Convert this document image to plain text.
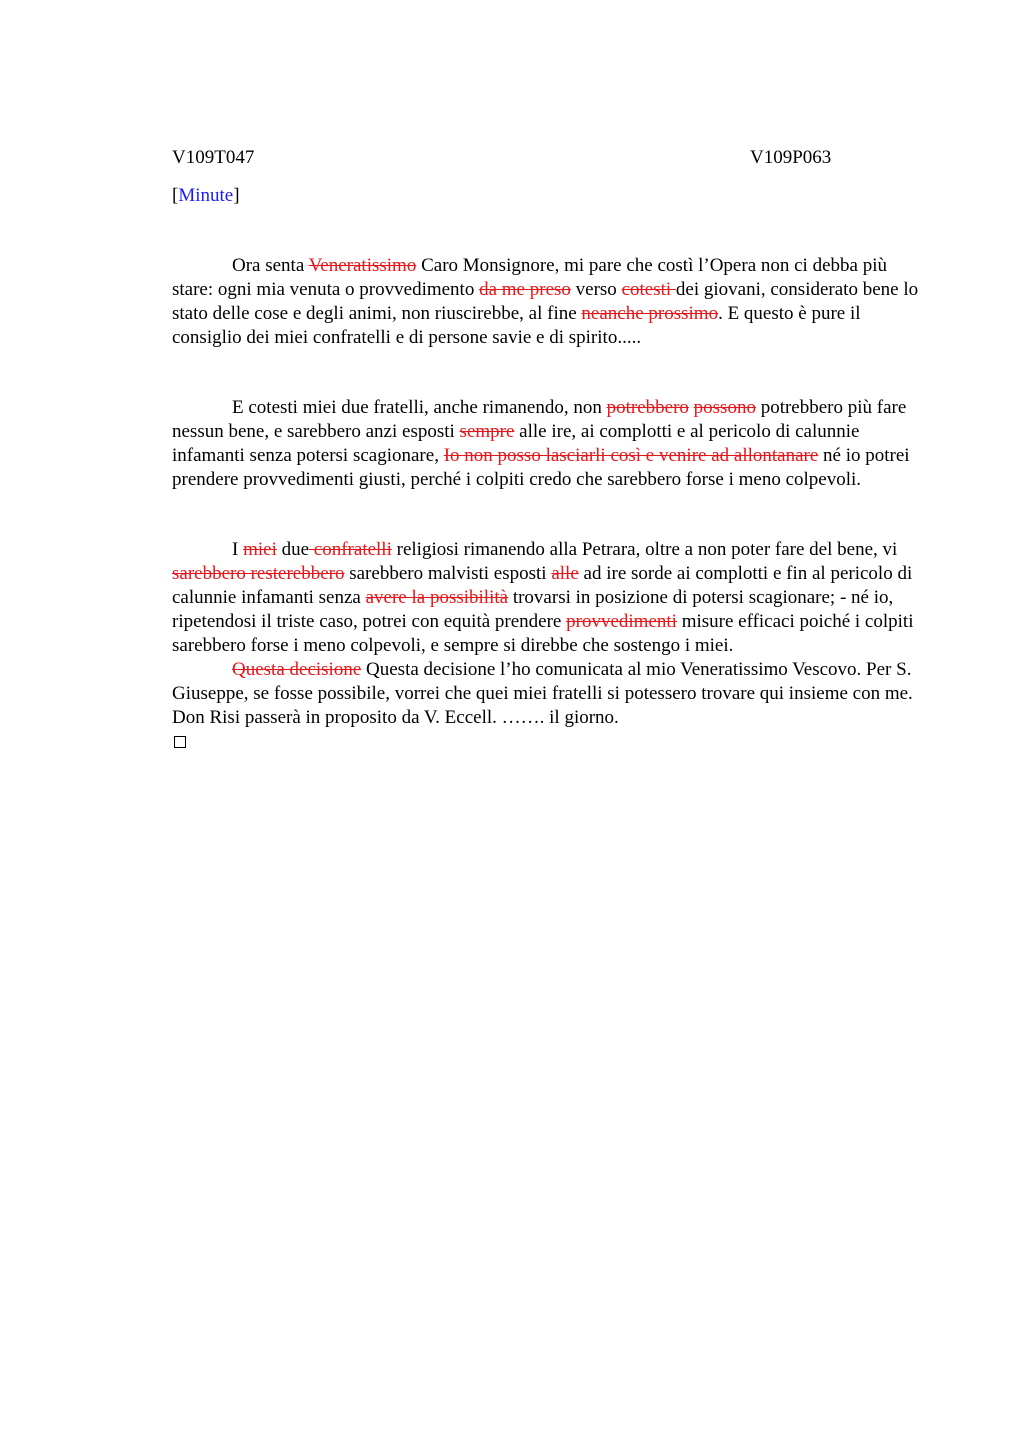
V109T047	V109P063
[Minute]

Ora senta Veneratissimo Caro Monsignore, mi pare che costì l’Opera non ci debba più stare: ogni mia venuta o provvedimento da me preso verso cotesti dei giovani, considerato bene lo stato delle cose e degli animi, non riuscirebbe, al fine neanche prossimo. E questo è pure il consiglio dei miei confratelli e di persone savie e di spirito.....

E cotesti miei due fratelli, anche rimanendo, non potrebbero possono potrebbero più fare nessun bene, e sarebbero anzi esposti sempre alle ire, ai complotti e al pericolo di calunnie infamanti senza potersi scagionare, Io non posso lasciarli così e venire ad allontanare né io potrei prendere provvedimenti giusti, perché i colpiti credo che sarebbero forse i meno colpevoli.

I miei due confratelli religiosi rimanendo alla Petrara, oltre a non poter fare del bene, vi sarebbero resterebbero sarebbero malvisti esposti alle ad ire sorde ai complotti e fin al pericolo di calunnie infamanti senza avere la possibilità trovarsi in posizione di potersi scagionare; - né io, ripetendosi il triste caso, potrei con equità prendere provvedimenti misure efficaci poiché i colpiti sarebbero forse i meno colpevoli, e sempre si direbbe che sostengo i miei.

Questa decisione Questa decisione l’ho comunicata al mio Veneratissimo Vescovo. Per S. Giuseppe, se fosse possibile, vorrei che quei miei fratelli si potessero trovare qui insieme con me. Don Risi passerà in proposito da V. Eccell. ……. il giorno.
